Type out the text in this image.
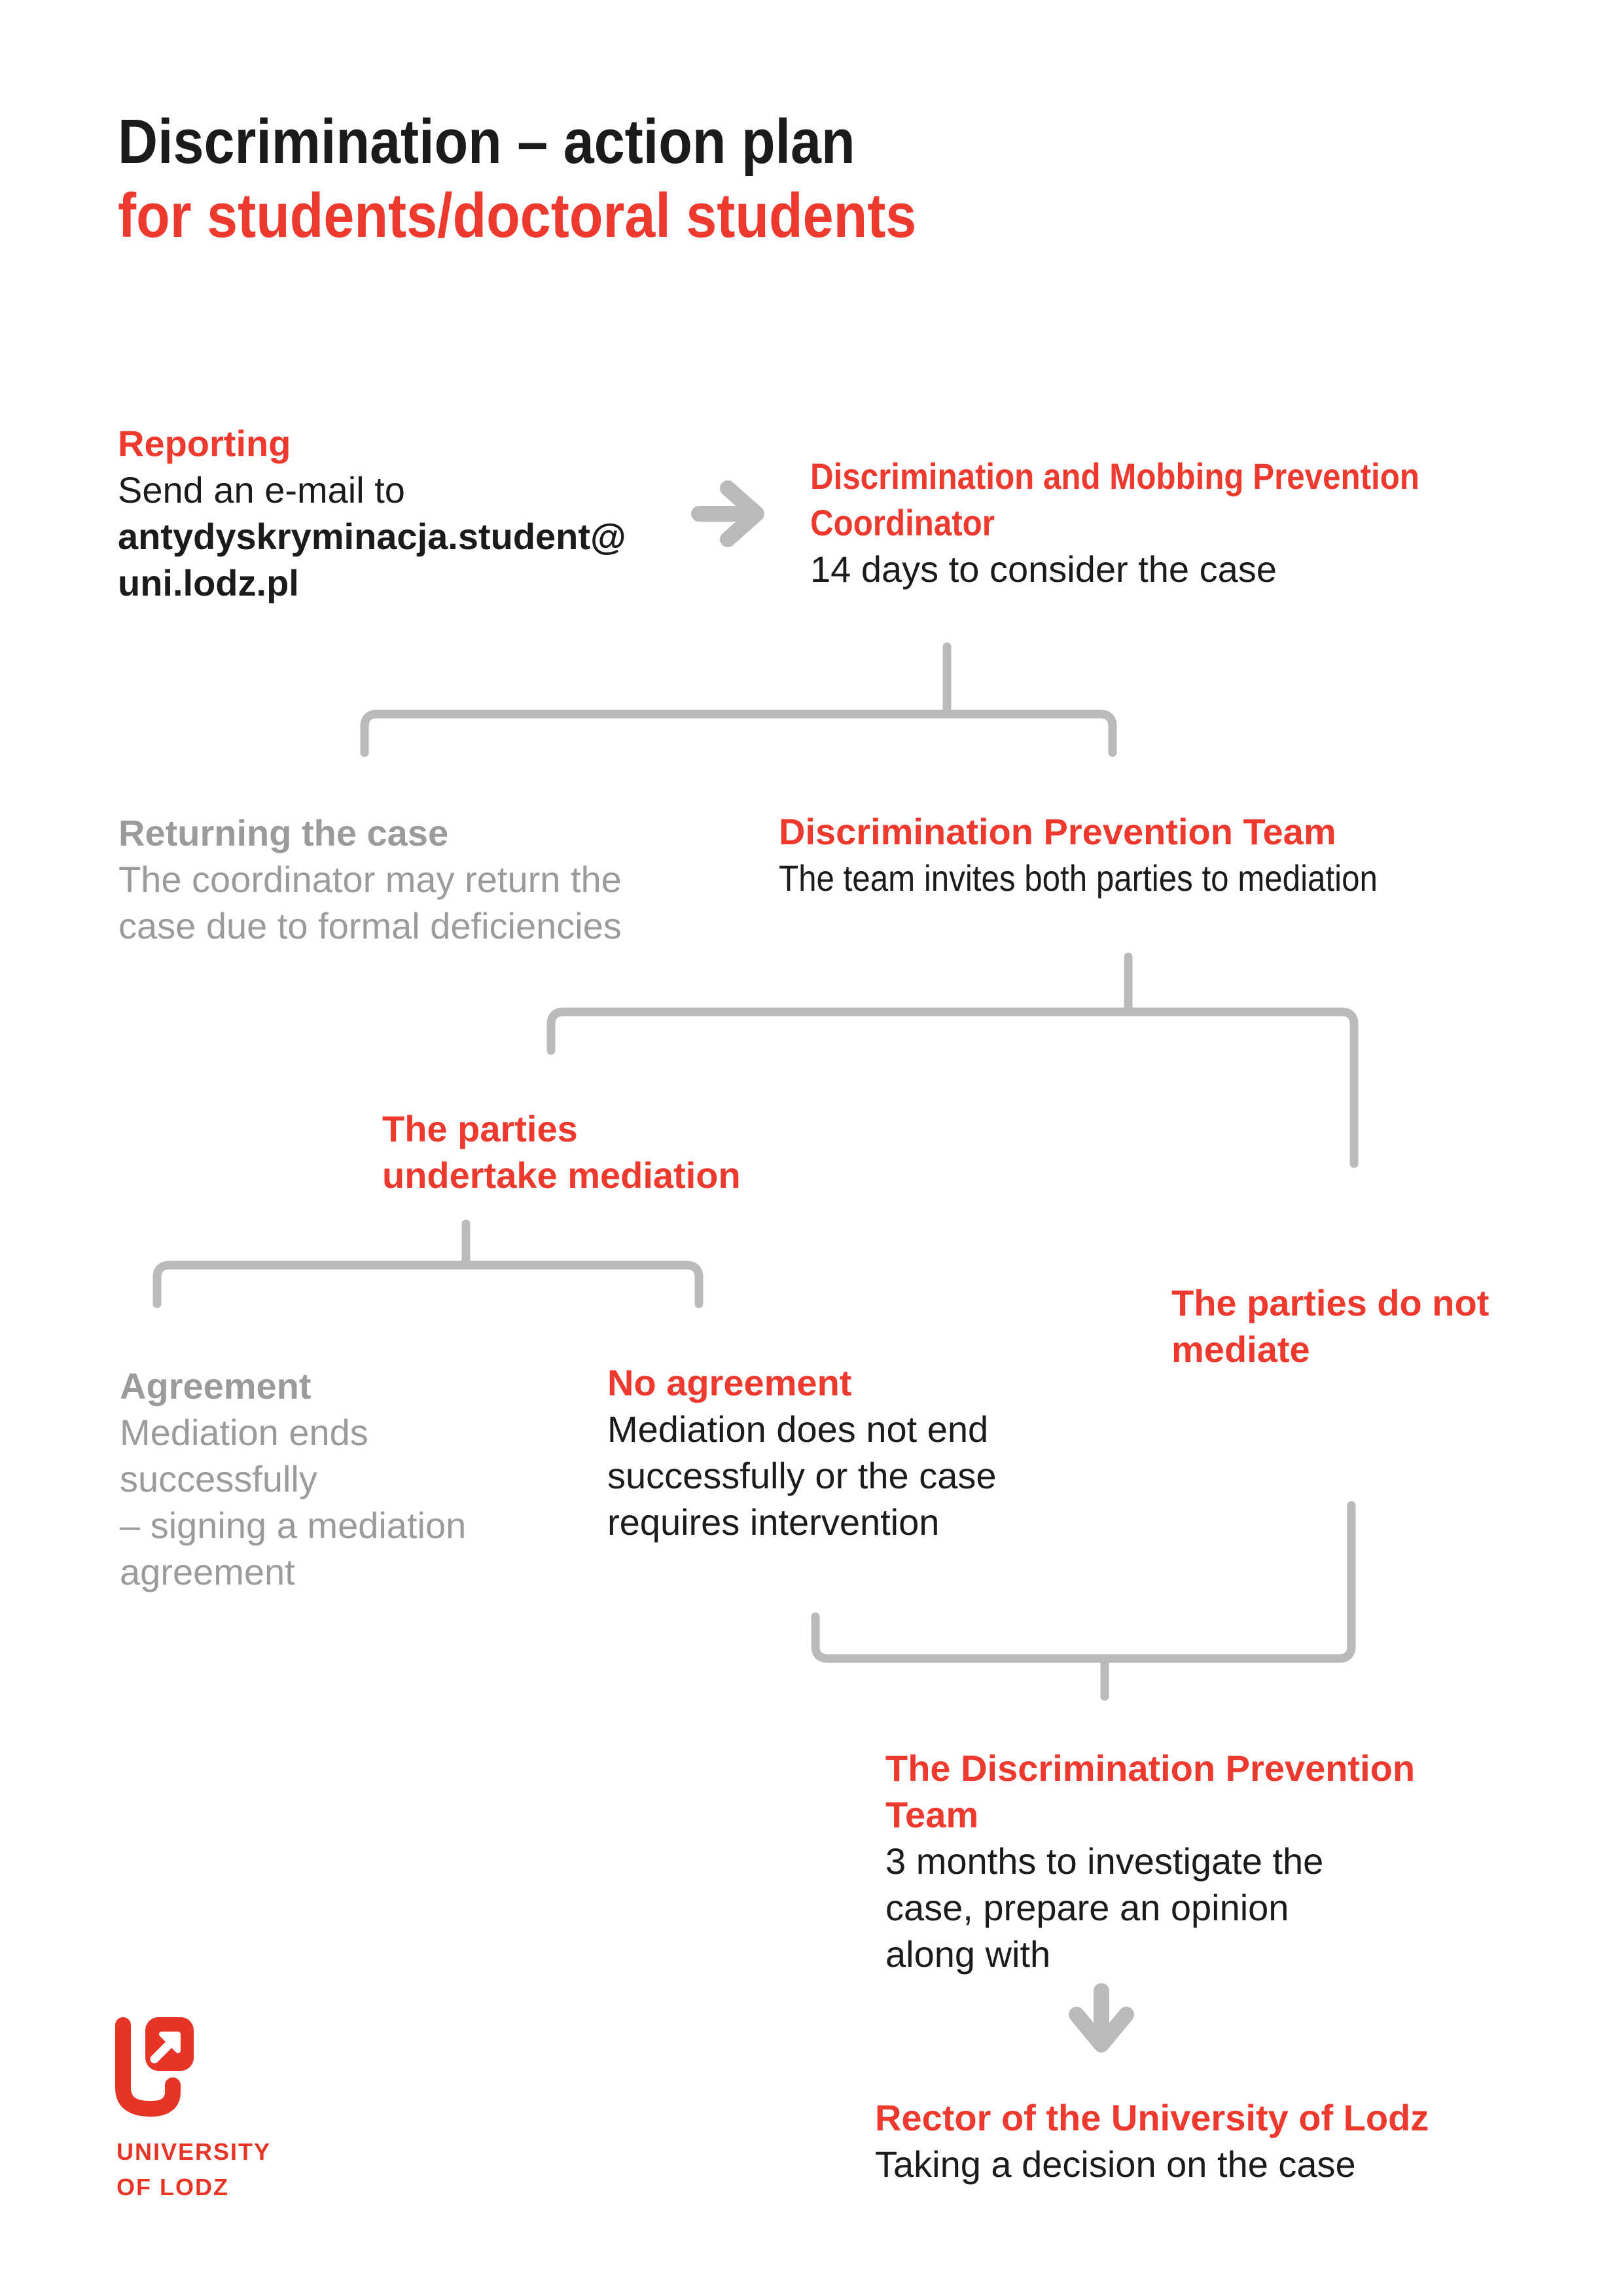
Discrimination – action plan
for students/doctoral students
Reporting
Send an e-mail to
antydyskryminacja.student@
uni.lodz.pl
Discrimination and Mobbing Prevention
Coordinator
14 days to consider the case
Returning the case
The coordinator may return the
case due to formal deficiencies
Discrimination Prevention Team
The team invites both parties to mediation
The parties
undertake mediation
The parties do not
mediate
Agreement
Mediation ends
successfully
– signing a mediation
agreement
No agreement
Mediation does not end
successfully or the case
requires intervention
The Discrimination Prevention
Team
3 months to investigate the
case, prepare an opinion
along with
Rector of the University of Lodz
Taking a decision on the case
UNIVERSITY
OF LODZ
